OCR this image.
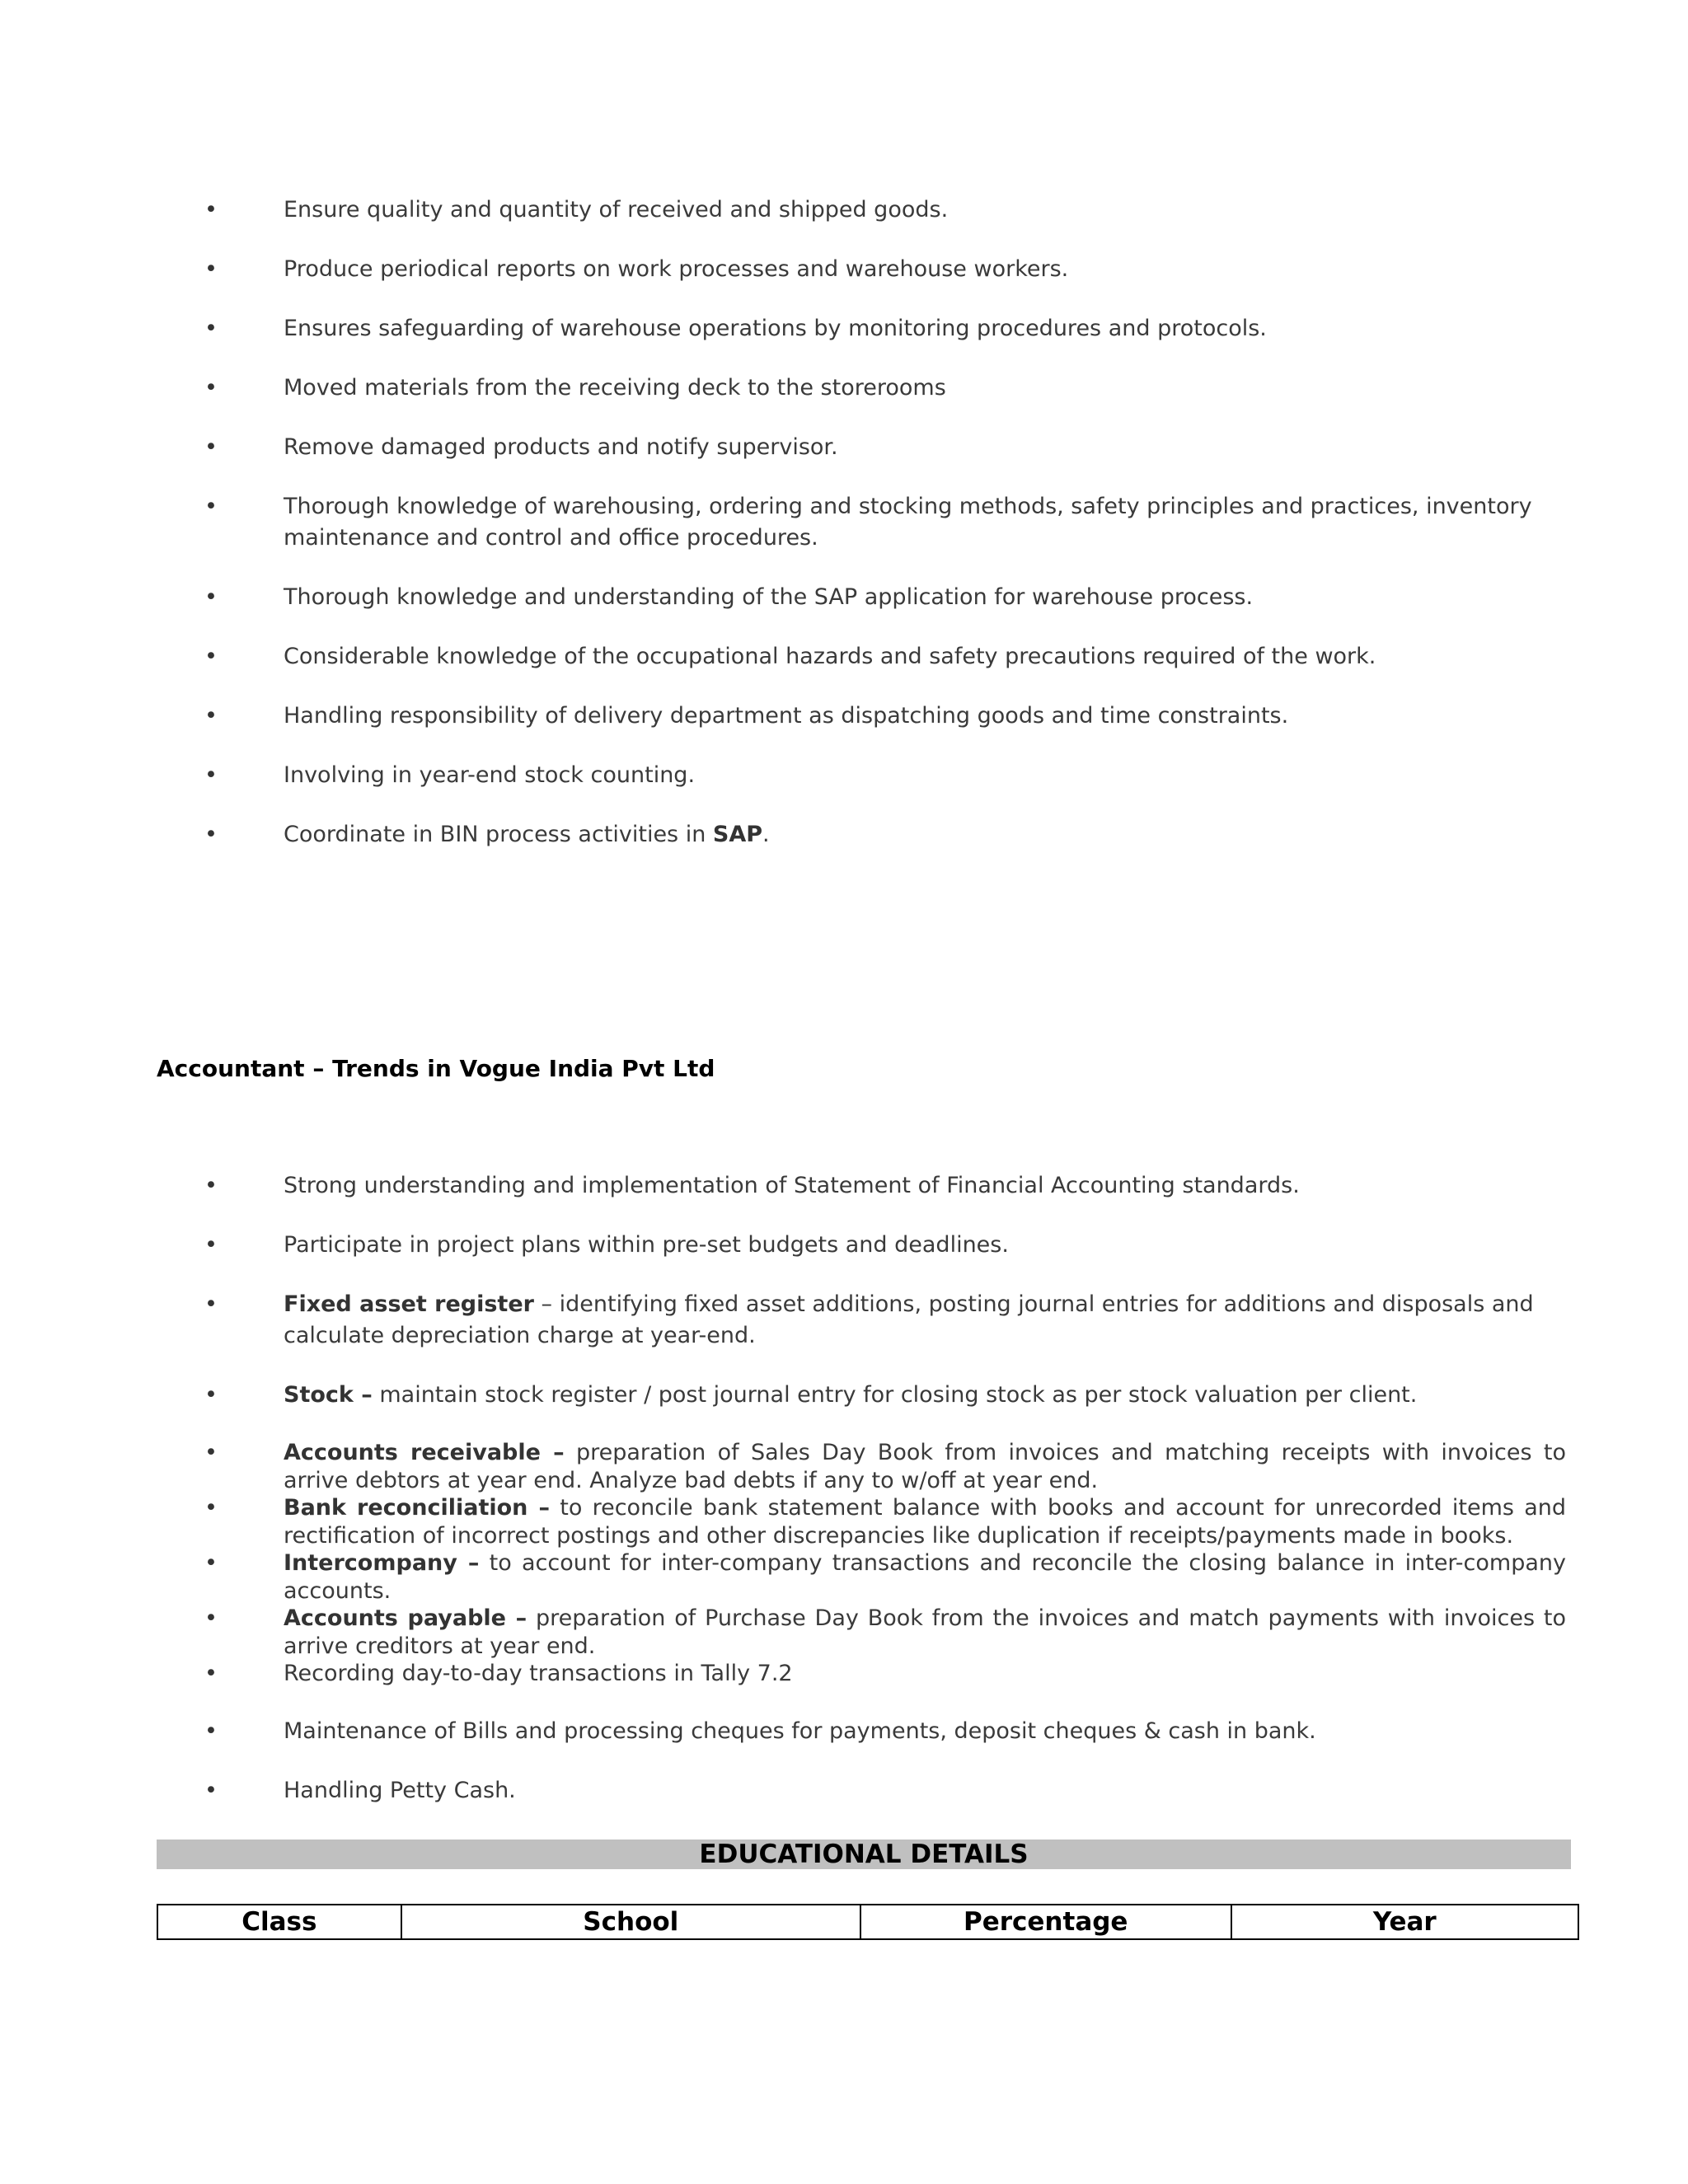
•	Ensure quality and quantity of received and shipped goods.
•	Produce periodical reports on work processes and warehouse workers.
•	Ensures safeguarding of warehouse operations by monitoring procedures and protocols.
•	Moved materials from the receiving deck to the storerooms
•	Remove damaged products and notify supervisor.
•	Thorough knowledge of warehousing, ordering and stocking methods, safety principles and practices, inventory maintenance and control and office procedures.
•	Thorough knowledge and understanding of the SAP application for warehouse process.
•	Considerable knowledge of the occupational hazards and safety precautions required of the work.
•	Handling responsibility of delivery department as dispatching goods and time constraints.
•	Involving in year-end stock counting.
•	Coordinate in BIN process activities in SAP.
Accountant – Trends in Vogue India Pvt Ltd
•	Strong understanding and implementation of Statement of Financial Accounting standards.
•	Participate in project plans within pre-set budgets and deadlines.
•	Fixed asset register – identifying fixed asset additions, posting journal entries for additions and disposals and calculate depreciation charge at year-end.
•	Stock – maintain stock register / post journal entry for closing stock as per stock valuation per client.
•	Accounts receivable – preparation of Sales Day Book from invoices and matching receipts with invoices to arrive debtors at year end. Analyze bad debts if any to w/off at year end.
•	Bank reconciliation – to reconcile bank statement balance with books and account for unrecorded items and rectification of incorrect postings and other discrepancies like duplication if receipts/payments made in books.
•	Intercompany – to account for inter-company transactions and reconcile the closing balance in inter-company accounts.
•	Accounts payable – preparation of Purchase Day Book from the invoices and match payments with invoices to arrive creditors at year end.
•	Recording day-to-day transactions in Tally 7.2
•	Maintenance of Bills and processing cheques for payments, deposit cheques & cash in bank.
•	Handling Petty Cash.
EDUCATIONAL DETAILS
Class	School	Percentage	Year
